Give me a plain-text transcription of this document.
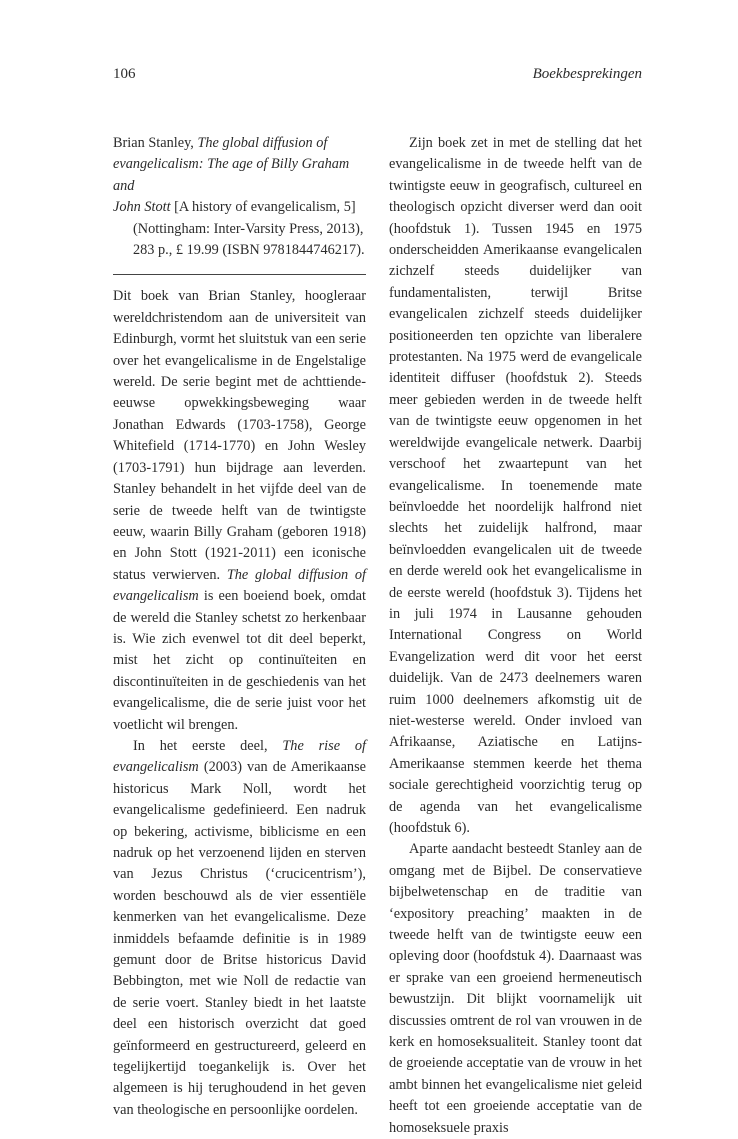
106	Boekbesprekingen

Brian Stanley, The global diffusion of

evangelicalism: The age of Billy Graham and

John Stott [A history of evangelicalism, 5]

(Nottingham: Inter-Varsity Press, 2013),

283 p., £ 19.99 (ISBN 9781844746217).

Dit boek van Brian Stanley, hoogleraar wereldchristendom aan de universiteit van Edinburgh, vormt het sluitstuk van een serie over het evangelicalisme in de Engelstalige wereld. De serie begint met de achttiende-eeuwse opwekkingsbeweging waar Jonathan Edwards (1703-1758), George Whitefield (1714-1770) en John Wesley (1703-1791) hun bijdrage aan leverden. Stanley behandelt in het vijfde deel van de serie de tweede helft van de twintigste eeuw, waarin Billy Graham (geboren 1918) en John Stott (1921-2011) een iconische status verwierven. The global diffusion of evangelicalism is een boeiend boek, omdat de wereld die Stanley schetst zo herkenbaar is. Wie zich evenwel tot dit deel beperkt, mist het zicht op continuïteiten en discontinuïteiten in de geschiedenis van het evangelicalisme, die de serie juist voor het voetlicht wil brengen.

In het eerste deel, The rise of evangelicalism (2003) van de Amerikaanse historicus Mark Noll, wordt het evangelicalisme gedefinieerd. Een nadruk op bekering, activisme, biblicisme en een nadruk op het verzoenend lijden en sterven van Jezus Christus (‘crucicentrism’), worden beschouwd als de vier essentiële kenmerken van het evangelicalisme. Deze inmiddels befaamde definitie is in 1989 gemunt door de Britse historicus David Bebbington, met wie Noll de redactie van de serie voert. Stanley biedt in het laatste deel een historisch overzicht dat goed geïnformeerd en gestructureerd, geleerd en tegelijkertijd toegankelijk is. Over het algemeen is hij terughoudend in het geven van theologische en persoonlijke oordelen.

Zijn boek zet in met de stelling dat het evangelicalisme in de tweede helft van de twintigste eeuw in geografisch, cultureel en theologisch opzicht diverser werd dan ooit (hoofdstuk 1). Tussen 1945 en 1975 onderscheidden Amerikaanse evangelicalen zichzelf steeds duidelijker van fundamentalisten, terwijl Britse evangelicalen zichzelf steeds duidelijker positioneerden ten opzichte van liberalere protestanten. Na 1975 werd de evangelicale identiteit diffuser (hoofdstuk 2). Steeds meer gebieden werden in de tweede helft van de twintigste eeuw opgenomen in het wereldwijde evangelicale netwerk. Daarbij verschoof het zwaartepunt van het evangelicalisme. In toenemende mate beïnvloedde het noordelijk halfrond niet slechts het zuidelijk halfrond, maar beïnvloedden evangelicalen uit de tweede en derde wereld ook het evangelicalisme in de eerste wereld (hoofdstuk 3). Tijdens het in juli 1974 in Lausanne gehouden International Congress on World Evangelization werd dit voor het eerst duidelijk. Van de 2473 deelnemers waren ruim 1000 deelnemers afkomstig uit de niet-westerse wereld. Onder invloed van Afrikaanse, Aziatische en Latijns-Amerikaanse stemmen keerde het thema sociale gerechtigheid voorzichtig terug op de agenda van het evangelicalisme (hoofdstuk 6).

Aparte aandacht besteedt Stanley aan de omgang met de Bijbel. De conservatieve bijbelwetenschap en de traditie van ‘expository preaching’ maakten in de tweede helft van de twintigste eeuw een opleving door (hoofdstuk 4). Daarnaast was er sprake van een groeiend hermeneutisch bewustzijn. Dit blijkt voornamelijk uit discussies omtrent de rol van vrouwen in de kerk en homoseksualiteit. Stanley toont dat de groeiende acceptatie van de vrouw in het ambt binnen het evangelicalisme niet geleid heeft tot een groeiende acceptatie van de homoseksuele praxis
